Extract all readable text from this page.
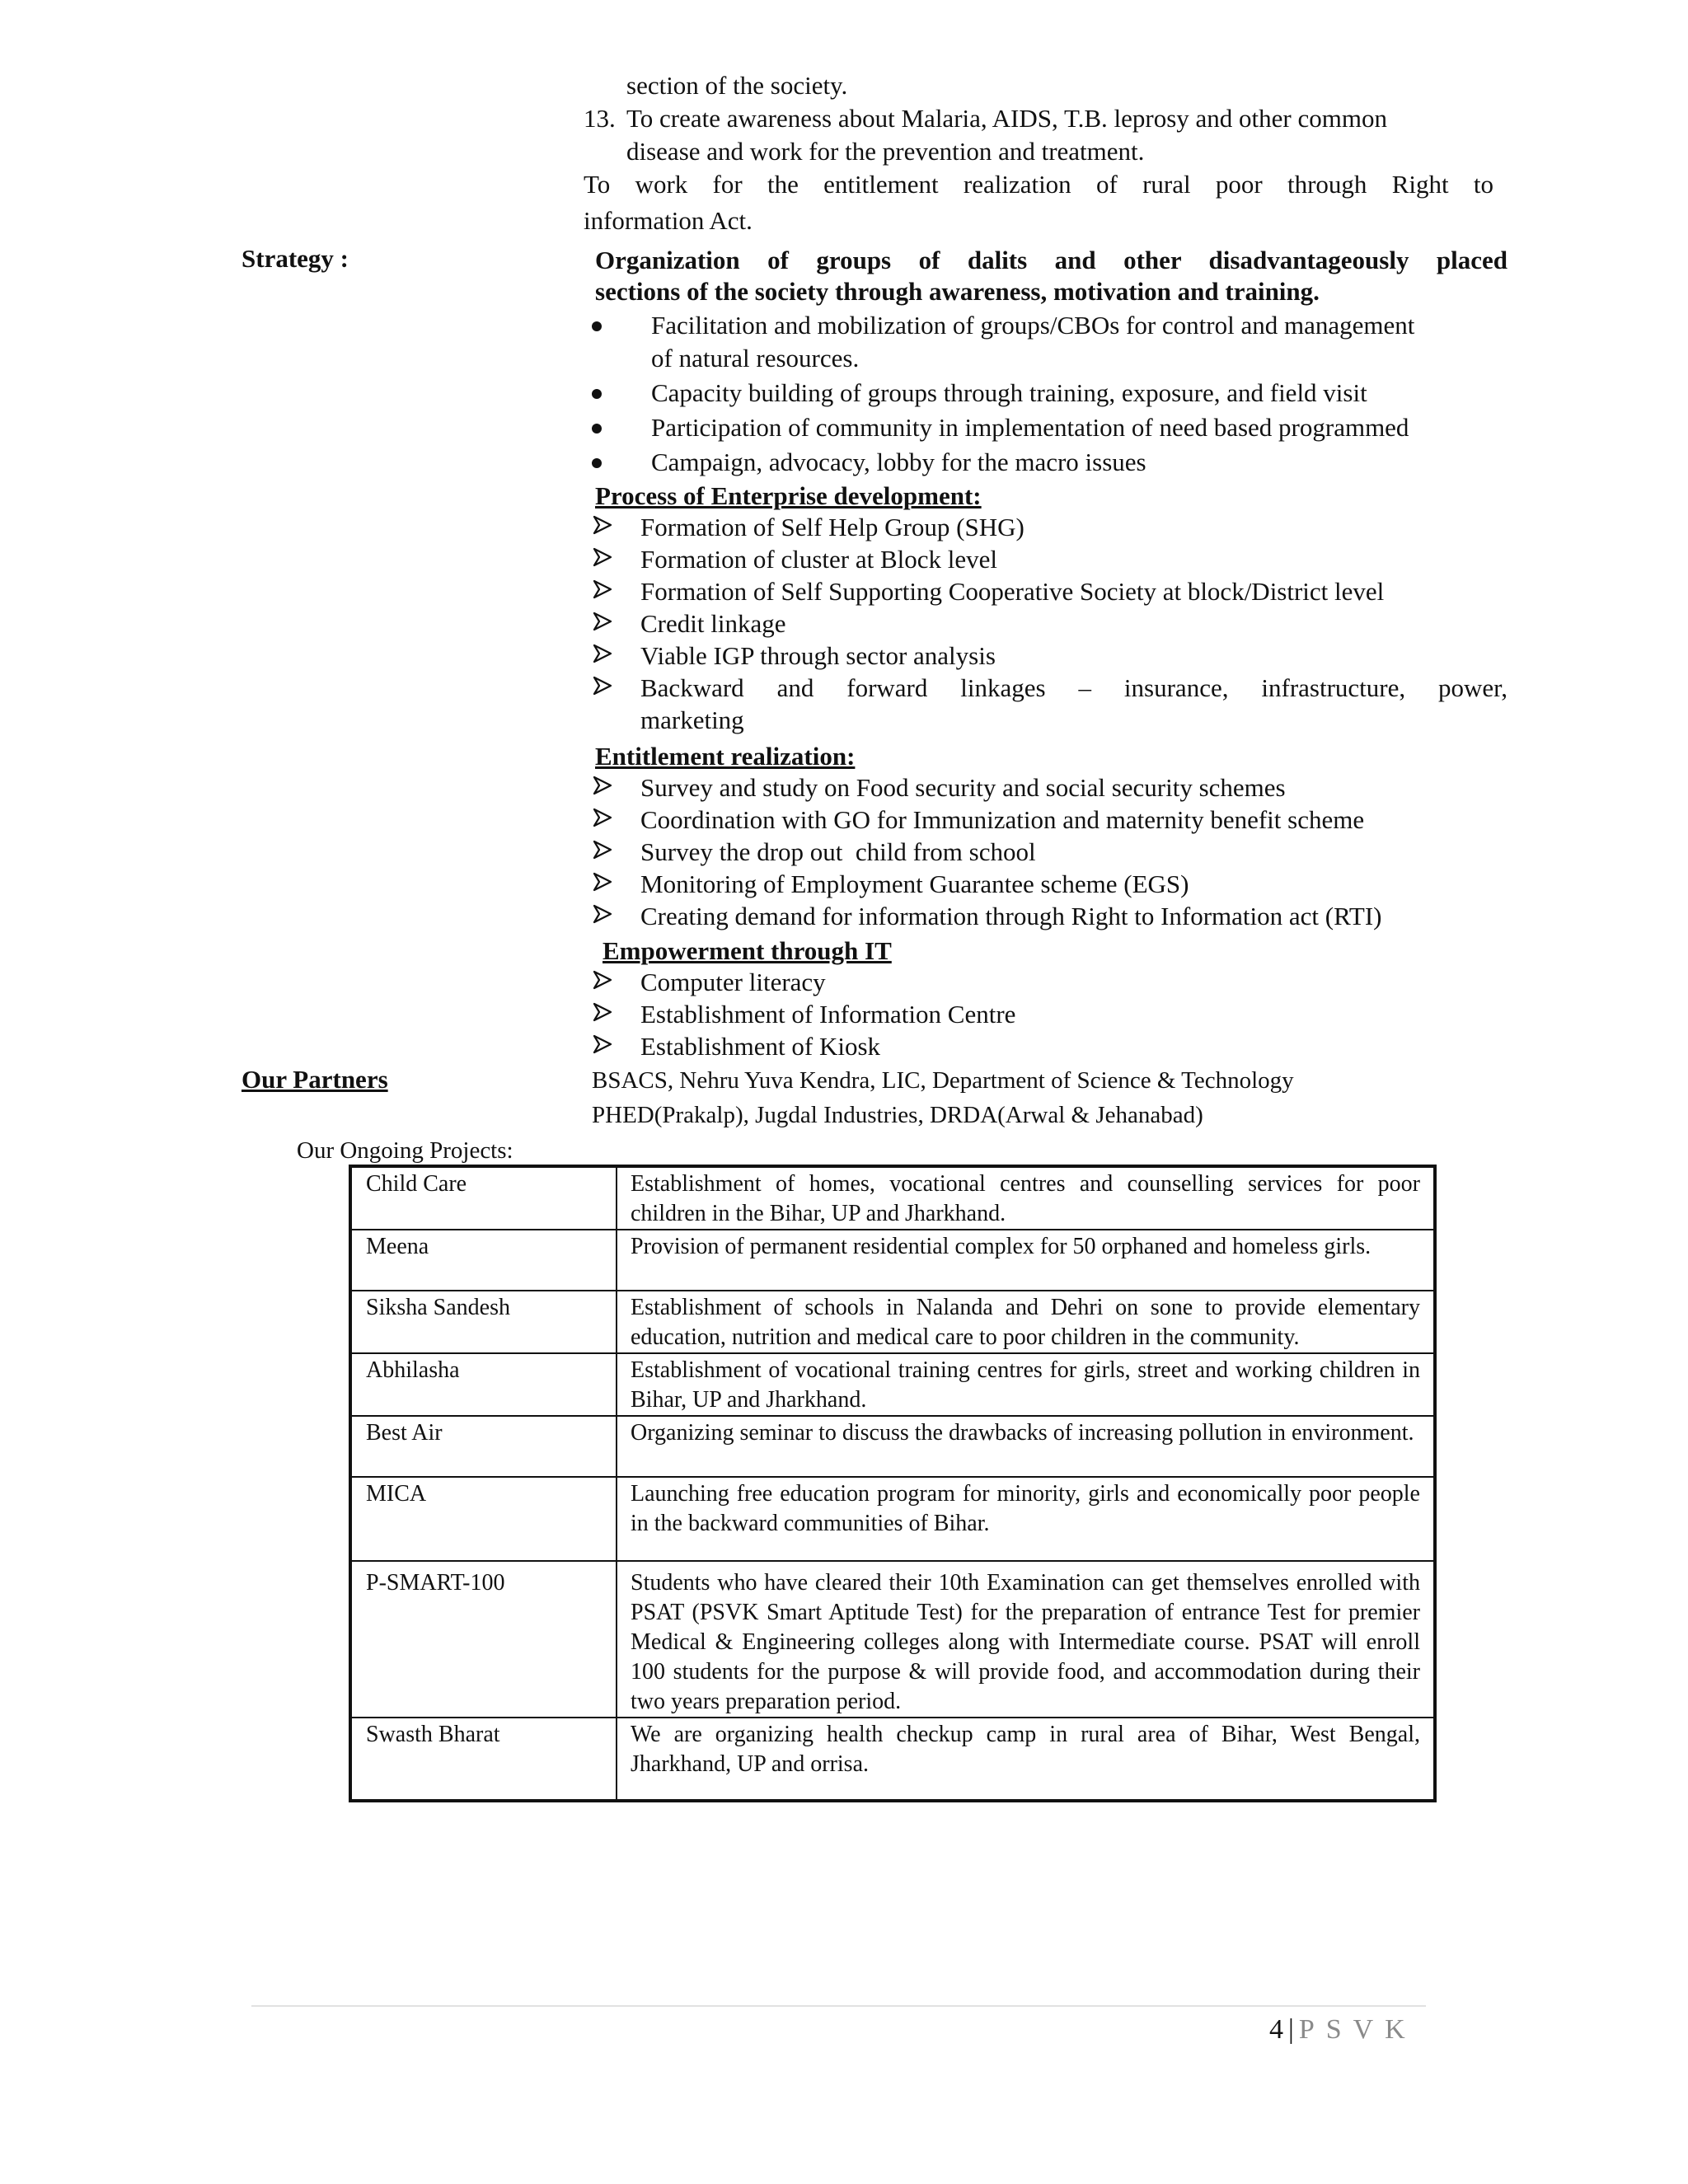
section of the society.
13. To create awareness about Malaria, AIDS, T.B. leprosy and other common
disease and work for the prevention and treatment.
To work for the entitlement realization of rural poor through Right to
information Act.
Strategy :	Organization of groups of dalits and other disadvantageously placed
sections of the society through awareness, motivation and training.
Facilitation and mobilization of groups/CBOs for control and management
of natural resources.
Capacity building of groups through training, exposure, and field visit
Participation of community in implementation of need based programmed
Campaign, advocacy, lobby for the macro issues
Process of Enterprise development:
Formation of Self Help Group (SHG)
Formation of cluster at Block level
Formation of Self Supporting Cooperative Society at block/District level
Credit linkage
Viable IGP through sector analysis
Backward and forward linkages – insurance, infrastructure, power,
marketing
Entitlement realization:
Survey and study on Food security and social security schemes
Coordination with GO for Immunization and maternity benefit scheme
Survey the drop out  child from school
Monitoring of Employment Guarantee scheme (EGS)
Creating demand for information through Right to Information act (RTI)
Empowerment through IT
Computer literacy
Establishment of Information Centre
Establishment of Kiosk
Our Partners	BSACS, Nehru Yuva Kendra, LIC, Department of Science & Technology
PHED(Prakalp), Jugdal Industries, DRDA(Arwal & Jehanabad)
Our Ongoing Projects:
Child Care	Establishment of homes, vocational centres and counselling services for poor children in the Bihar, UP and Jharkhand.
Meena	Provision of permanent residential complex for 50 orphaned and homeless girls.
Siksha Sandesh	Establishment of schools in Nalanda and Dehri on sone to provide elementary education, nutrition and medical care to poor children in the community.
Abhilasha	Establishment of vocational training centres for girls, street and working children in Bihar, UP and Jharkhand.
Best Air	Organizing seminar to discuss the drawbacks of increasing pollution in environment.
MICA	Launching free education program for minority, girls and economically poor people in the backward communities of Bihar.
P-SMART-100	Students who have cleared their 10th Examination can get themselves enrolled with PSAT (PSVK Smart Aptitude Test) for the preparation of entrance Test for premier Medical & Engineering colleges along with Intermediate course. PSAT will enroll 100 students for the purpose & will provide food, and accommodation during their two years preparation period.
Swasth Bharat	We are organizing health checkup camp in rural area of Bihar, West Bengal, Jharkhand, UP and orrisa.
4 | PSVK
